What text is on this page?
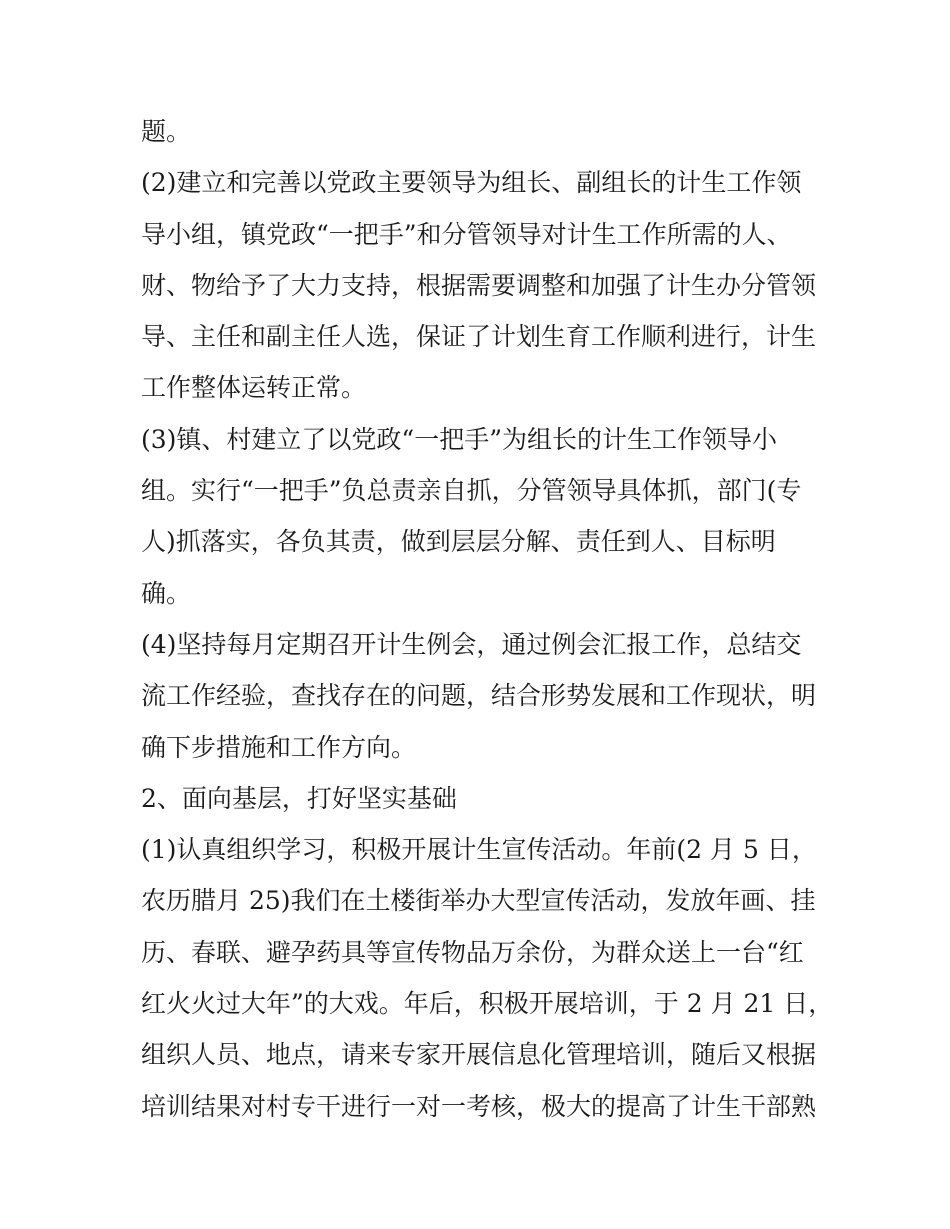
题。
(2)建立和完善以党政主要领导为组长、副组长的计生工作领
导小组，镇党政“一把手”和分管领导对计生工作所需的人、
财、物给予了大力支持，根据需要调整和加强了计生办分管领
导、主任和副主任人选，保证了计划生育工作顺利进行，计生
工作整体运转正常。
(3)镇、村建立了以党政“一把手”为组长的计生工作领导小
组。实行“一把手”负总责亲自抓，分管领导具体抓，部门(专
人)抓落实，各负其责，做到层层分解、责任到人、目标明
确。
(4)坚持每月定期召开计生例会，通过例会汇报工作，总结交
流工作经验，查找存在的问题，结合形势发展和工作现状，明
确下步措施和工作方向。
2、面向基层，打好坚实基础
(1)认真组织学习，积极开展计生宣传活动。年前(2 月 5 日，
农历腊月 25)我们在土楼街举办大型宣传活动，发放年画、挂
历、春联、避孕药具等宣传物品万余份，为群众送上一台“红
红火火过大年”的大戏。年后，积极开展培训，于 2 月 21 日，
组织人员、地点，请来专家开展信息化管理培训，随后又根据
培训结果对村专干进行一对一考核，极大的提高了计生干部熟
